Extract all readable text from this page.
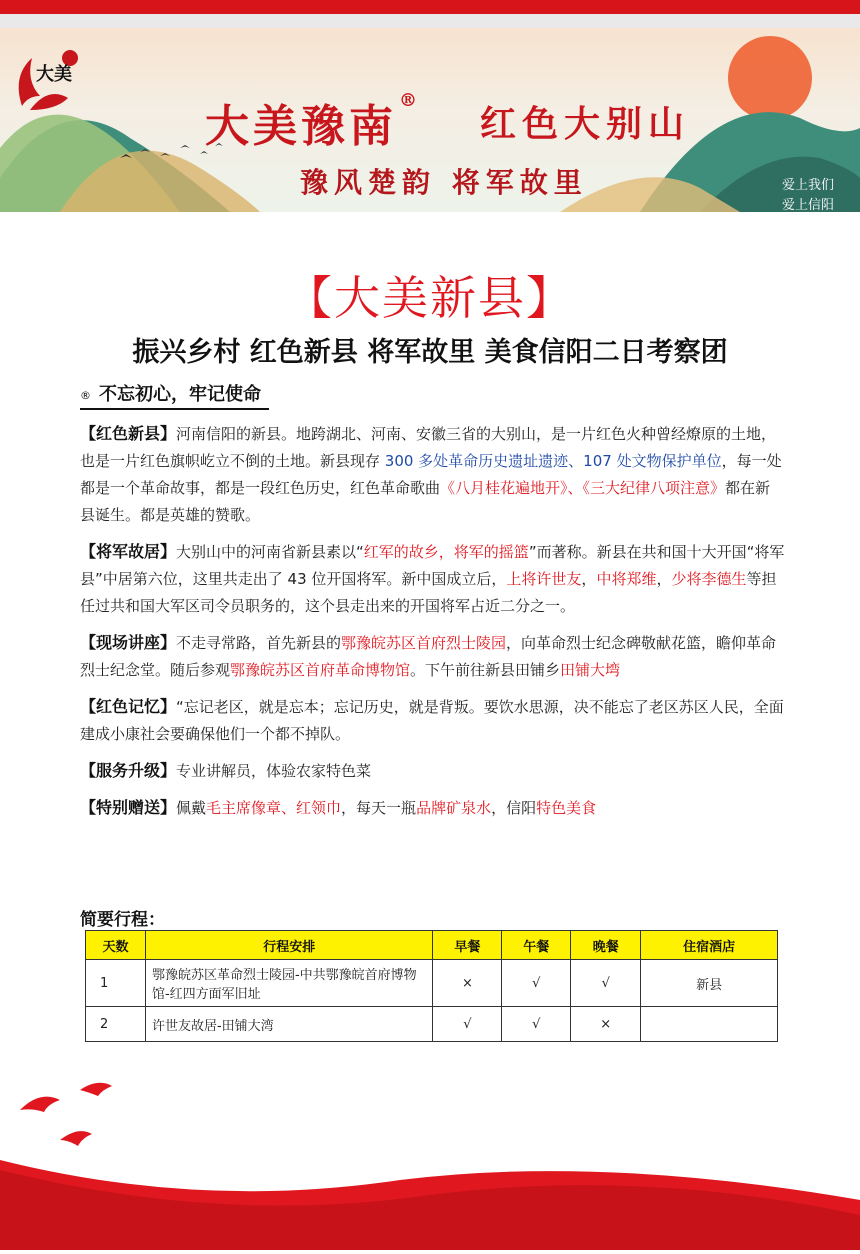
大美
大美豫南®
红色大别山
豫风楚韵 将军故里	爱上我们
爱上信阳
【大美新县】
振兴乡村 红色新县 将军故里 美食信阳二日考察团
® 不忘初心，牢记使命
【红色新县】河南信阳的新县。地跨湖北、河南、安徽三省的大别山，是一片红色火种曾经燎原的土地，也是一片红色旗帜屹立不倒的土地。新县现存 300 多处革命历史遗址遗迹、107 处文物保护单位，每一处都是一个革命故事，都是一段红色历史，红色革命歌曲《八月桂花遍地开》、《三大纪律八项注意》都在新县诞生。都是英雄的赞歌。
【将军故居】大别山中的河南省新县素以“红军的故乡，将军的摇篮”而著称。新县在共和国十大开国“将军县”中居第六位，这里共走出了 43 位开国将军。新中国成立后，上将许世友，中将郑维，少将李德生等担任过共和国大军区司令员职务的，这个县走出来的开国将军占近二分之一。
【现场讲座】不走寻常路，首先新县的鄂豫皖苏区首府烈士陵园，向革命烈士纪念碑敬献花篮，瞻仰革命烈士纪念堂。随后参观鄂豫皖苏区首府革命博物馆。下午前往新县田铺乡田铺大塆
【红色记忆】“忘记老区，就是忘本；忘记历史，就是背叛。要饮水思源，决不能忘了老区苏区人民，全面建成小康社会要确保他们一个都不掉队。
【服务升级】专业讲解员，体验农家特色菜
【特别赠送】佩戴毛主席像章、红领巾，每天一瓶品牌矿泉水，信阳特色美食
简要行程：
天数	行程安排	早餐	午餐	晚餐	住宿酒店
1	鄂豫皖苏区革命烈士陵园-中共鄂豫皖首府博物馆-红四方面军旧址	×	√	√	新县
2	许世友故居-田铺大湾	√	√	×	
